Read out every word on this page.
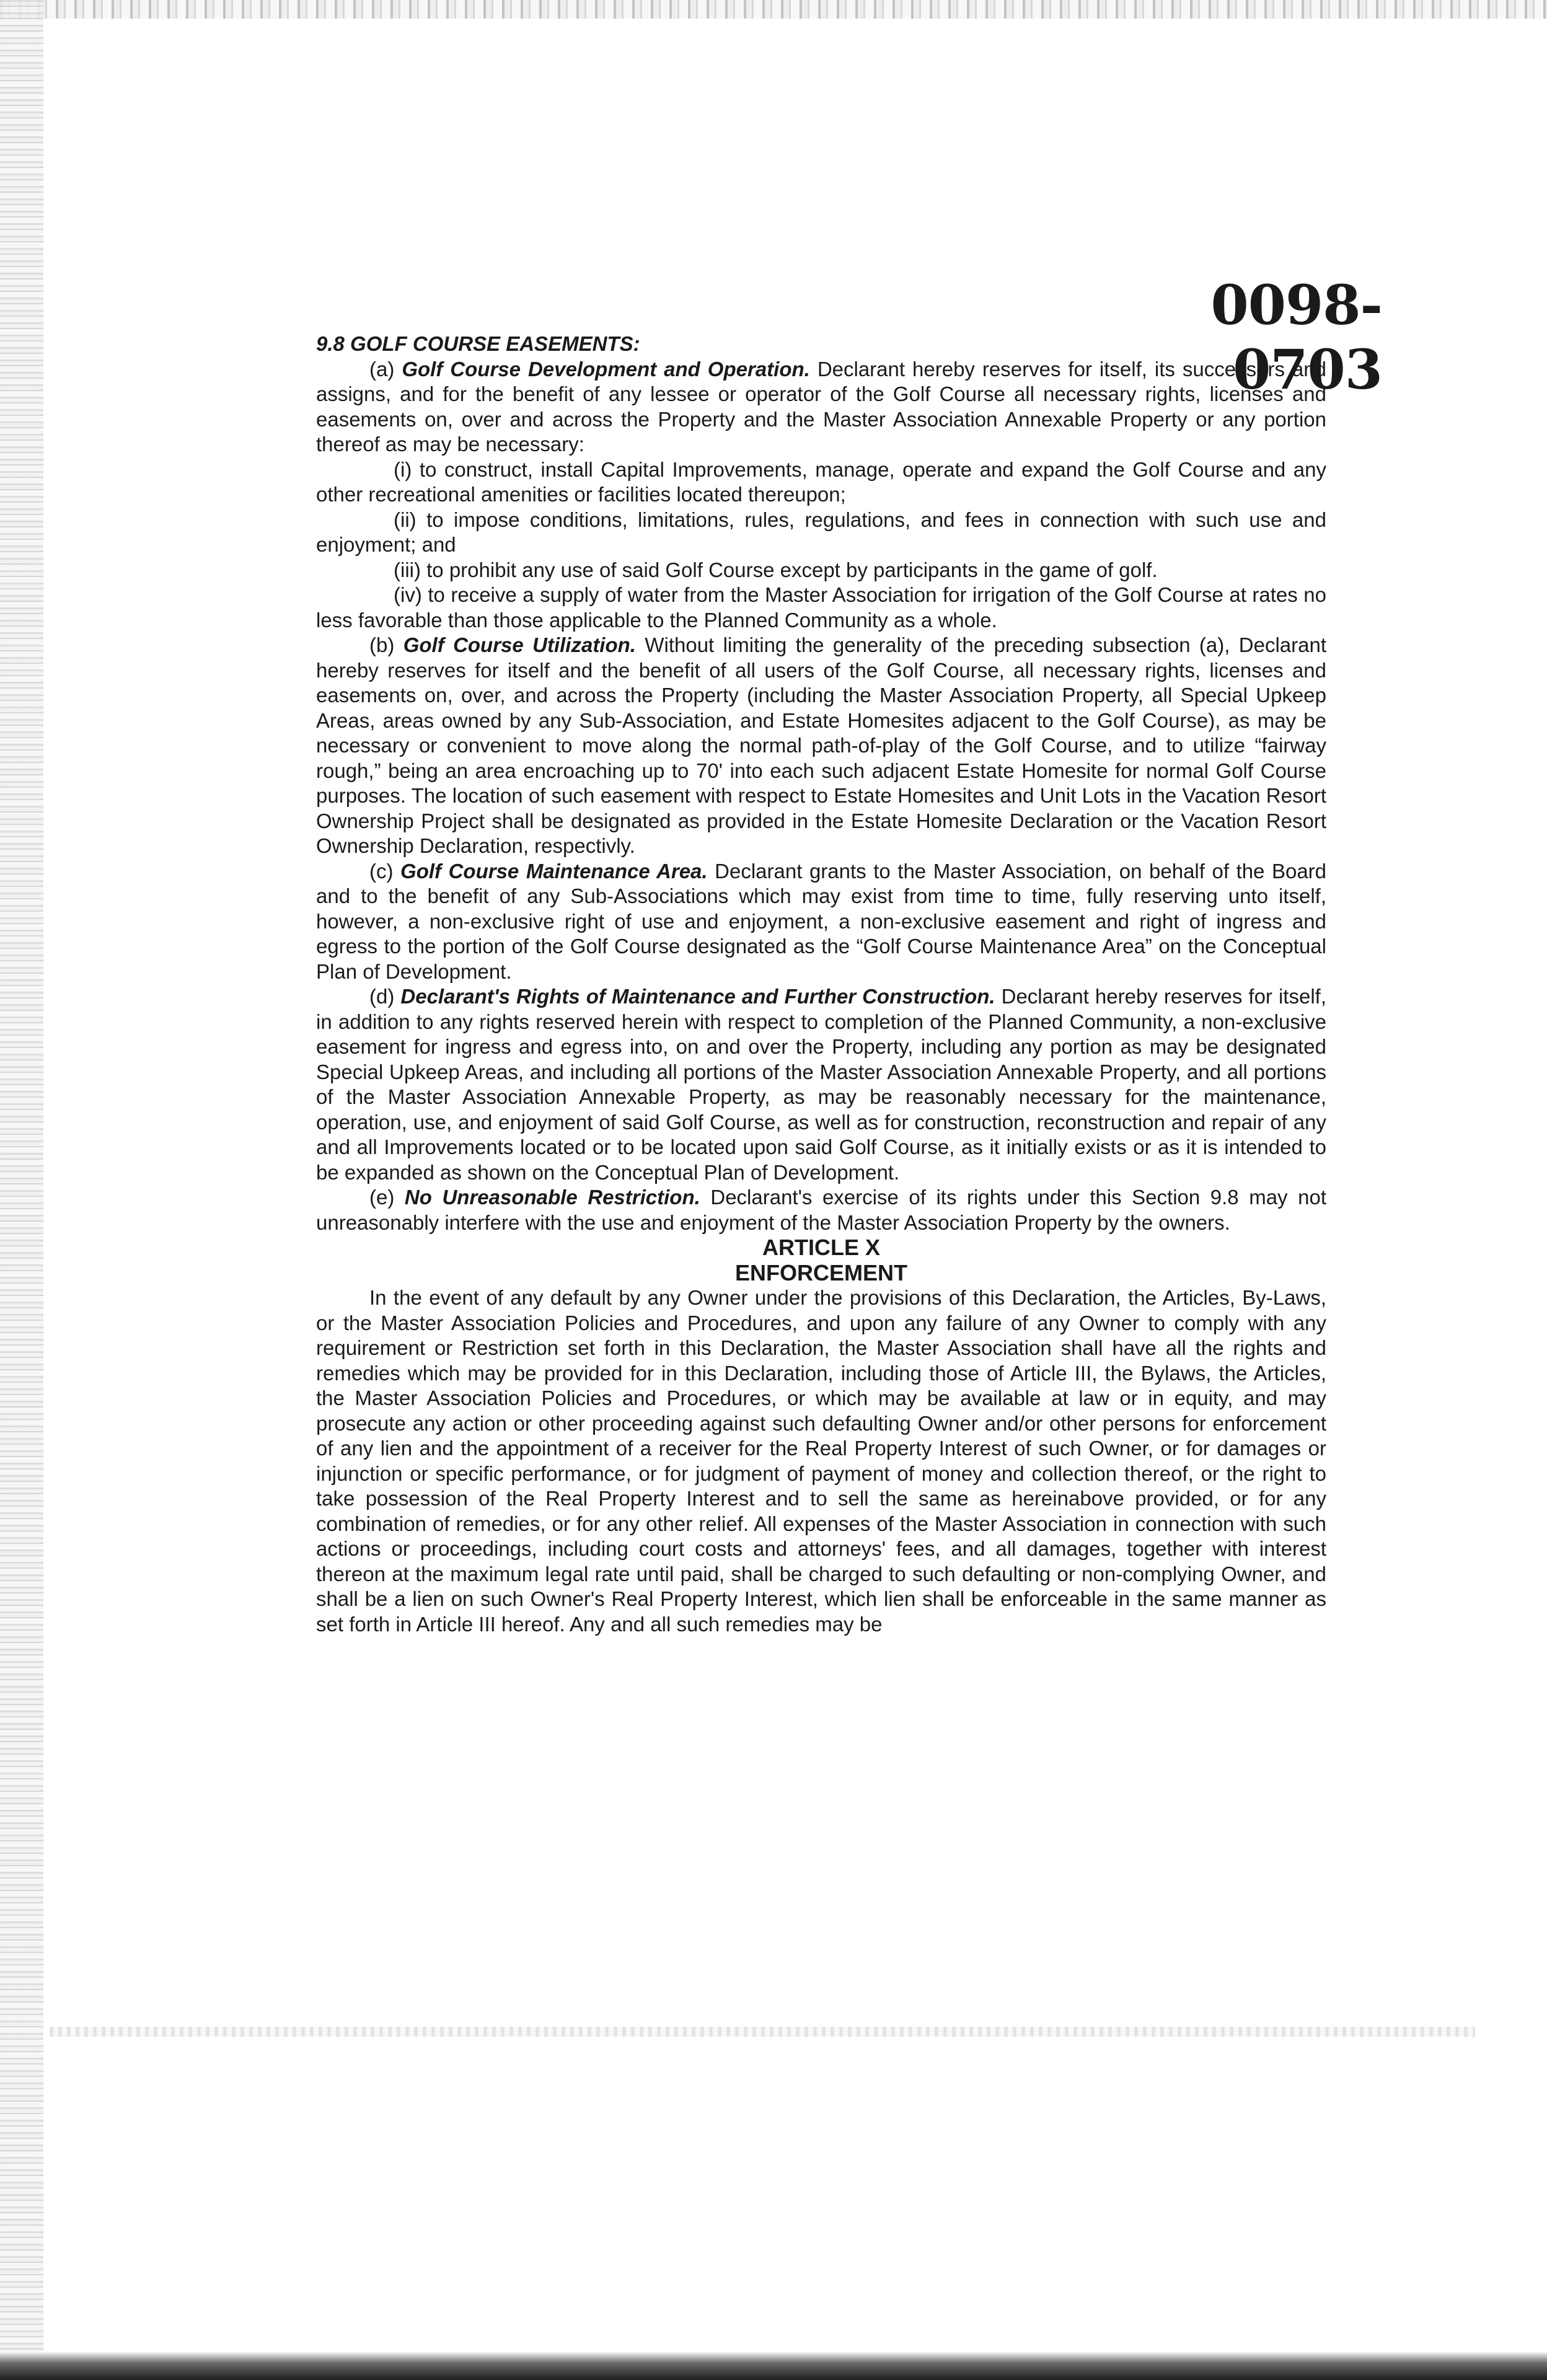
0098-0703

9.8 GOLF COURSE EASEMENTS:

(a) Golf Course Development and Operation. Declarant hereby reserves for itself, its successors and assigns, and for the benefit of any lessee or operator of the Golf Course all necessary rights, licenses and easements on, over and across the Property and the Master Association Annexable Property or any portion thereof as may be necessary:

(i) to construct, install Capital Improvements, manage, operate and expand the Golf Course and any other recreational amenities or facilities located thereupon;

(ii) to impose conditions, limitations, rules, regulations, and fees in connection with such use and enjoyment; and

(iii) to prohibit any use of said Golf Course except by participants in the game of golf.

(iv) to receive a supply of water from the Master Association for irrigation of the Golf Course at rates no less favorable than those applicable to the Planned Community as a whole.

(b) Golf Course Utilization. Without limiting the generality of the preceding subsection (a), Declarant hereby reserves for itself and the benefit of all users of the Golf Course, all necessary rights, licenses and easements on, over, and across the Property (including the Master Association Property, all Special Upkeep Areas, areas owned by any Sub-Association, and Estate Homesites adjacent to the Golf Course), as may be necessary or convenient to move along the normal path-of-play of the Golf Course, and to utilize “fairway rough,” being an area encroaching up to 70' into each such adjacent Estate Homesite for normal Golf Course purposes. The location of such easement with respect to Estate Homesites and Unit Lots in the Vacation Resort Ownership Project shall be designated as provided in the Estate Homesite Declaration or the Vacation Resort Ownership Declaration, respectivly.

(c) Golf Course Maintenance Area. Declarant grants to the Master Association, on behalf of the Board and to the benefit of any Sub-Associations which may exist from time to time, fully reserving unto itself, however, a non-exclusive right of use and enjoyment, a non-exclusive easement and right of ingress and egress to the portion of the Golf Course designated as the “Golf Course Maintenance Area” on the Conceptual Plan of Development.

(d) Declarant's Rights of Maintenance and Further Construction. Declarant hereby reserves for itself, in addition to any rights reserved herein with respect to completion of the Planned Community, a non-exclusive easement for ingress and egress into, on and over the Property, including any portion as may be designated Special Upkeep Areas, and including all portions of the Master Association Annexable Property, and all portions of the Master Association Annexable Property, as may be reasonably necessary for the maintenance, operation, use, and enjoyment of said Golf Course, as well as for construction, reconstruction and repair of any and all Improvements located or to be located upon said Golf Course, as it initially exists or as it is intended to be expanded as shown on the Conceptual Plan of Development.

(e) No Unreasonable Restriction. Declarant's exercise of its rights under this Section 9.8 may not unreasonably interfere with the use and enjoyment of the Master Association Property by the owners.

ARTICLE X

ENFORCEMENT

In the event of any default by any Owner under the provisions of this Declaration, the Articles, By-Laws, or the Master Association Policies and Procedures, and upon any failure of any Owner to comply with any requirement or Restriction set forth in this Declaration, the Master Association shall have all the rights and remedies which may be provided for in this Declaration, including those of Article III, the Bylaws, the Articles, the Master Association Policies and Procedures, or which may be available at law or in equity, and may prosecute any action or other proceeding against such defaulting Owner and/or other persons for enforcement of any lien and the appointment of a receiver for the Real Property Interest of such Owner, or for damages or injunction or specific performance, or for judgment of payment of money and collection thereof, or the right to take possession of the Real Property Interest and to sell the same as hereinabove provided, or for any combination of remedies, or for any other relief. All expenses of the Master Association in connection with such actions or proceedings, including court costs and attorneys' fees, and all damages, together with interest thereon at the maximum legal rate until paid, shall be charged to such defaulting or non-complying Owner, and shall be a lien on such Owner's Real Property Interest, which lien shall be enforceable in the same manner as set forth in Article III hereof. Any and all such remedies may be
